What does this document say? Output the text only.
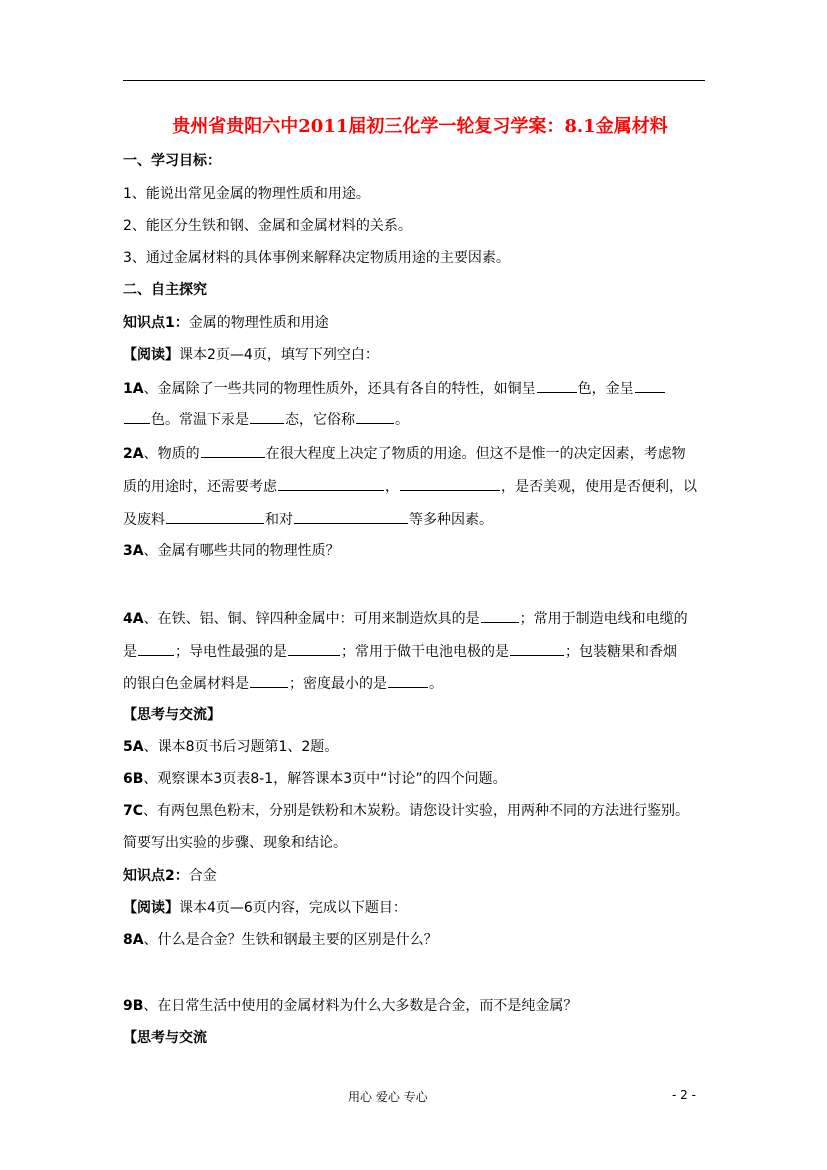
贵州省贵阳六中2011届初三化学一轮复习学案：8.1金属材料
一、学习目标：
1、能说出常见金属的物理性质和用途。
2、能区分生铁和钢、金属和金属材料的关系。
3、通过金属材料的具体事例来解释决定物质用途的主要因素。
二、自主探究
知识点1：金属的物理性质和用途
【阅读】课本2页—4页，填写下列空白：
1A、金属除了一些共同的物理性质外，还具有各自的特性，如铜呈	色，金呈
色。常温下汞是	态，它俗称	。
2A、物质的	在很大程度上决定了物质的用途。但这不是惟一的决定因素，考虑物
质的用途时，还需要考虑	，	，是否美观，使用是否便利，以
及废料	和对	等多种因素。
3A、金属有哪些共同的物理性质？
4A、在铁、铝、铜、锌四种金属中：可用来制造炊具的是	；常用于制造电线和电缆的
是	；导电性最强的是	；常用于做干电池电极的是	；包装糖果和香烟
的银白色金属材料是	；密度最小的是	。
【思考与交流】
5A、课本8页书后习题第1、2题。
6B、观察课本3页表8-1，解答课本3页中“讨论”的四个问题。
7C、有两包黑色粉末，分别是铁粉和木炭粉。请您设计实验，用两种不同的方法进行鉴别。
简要写出实验的步骤、现象和结论。
知识点2：合金
【阅读】课本4页—6页内容，完成以下题目：
8A、什么是合金？生铁和钢最主要的区别是什么？
9B、在日常生活中使用的金属材料为什么大多数是合金，而不是纯金属？
【思考与交流
用心 爱心 专心	- 2 -
